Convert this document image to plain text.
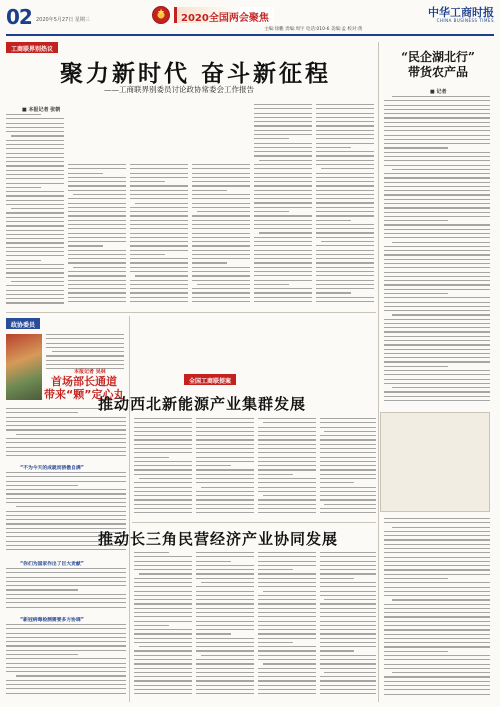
02 2020年5月27日 星期三
★ 2020全国两会聚焦
主编:徐鹏 责编:周宇 电话:010-6 美编:孟 校对:黄
中华工商时报
CHINA BUSINESS TIMES
工商联界别热议
聚力新时代 奋斗新征程
——工商联界别委员讨论政协常委会工作报告
■ 本报记者 张朝
“民企湖北行”
带货农产品
■ 记者
政协委员
本报记者 吴林
首场部长通道
带来“颗”定心丸
“不为今天的成就而骄傲自满”
“你们为国家作出了巨大贡献”
“新冠病毒检测需要多方协调”
全国工商联提案
推动西北新能源产业集群发展
推动长三角民营经济产业协同发展
